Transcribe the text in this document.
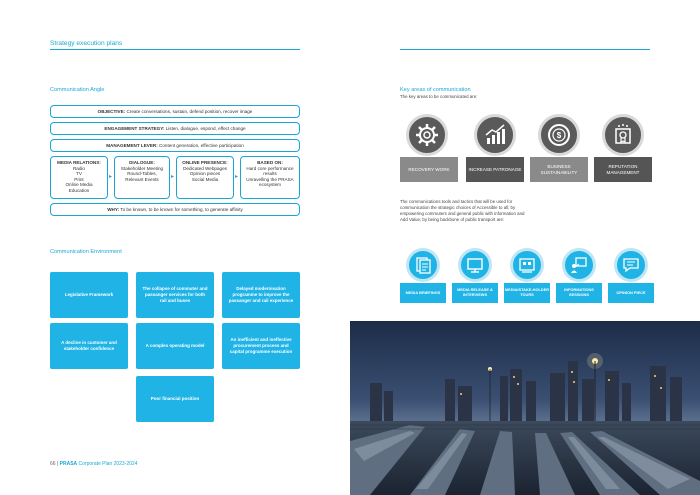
Strategy execution plans
Communication Angle
OBJECTIVE: Create conversations, sustain, defend position, recover image
ENGAGEMENT STRATEGY: Listen, dialogue, espond, effect change
MANAGEMENT LEVER: Content generation, effective participation
MEDIA RELATIONS:
Radio
TV
Print
Online Media
Education
▸
DIALOGUE:
Stakeholder Meeting
Round-Tables,
Relevant Events	▸
ONLINE PRESENCE:
Dedicated Webpages
Opinion pieces
Social Media	▸
BASED ON:
Hard core performance
results
Unravelling the PRASA
ecosystem
WHY: To be known, to be known for something, to generate affinity
Communication Environment
Legislative Framework
The collapse of commuter and passanger services for both rail and buses
Delayed modernisation programme to improve the passanger and rail experience
A decline in customer and stakeholder confidence
A complex operating model
An inefficient and ineffective procurement process and capital programme execution
Poor financial position
66 | PRASA Corporate Plan 2023-2024
Key areas of communication
The key areas to be communicated are:
RECOVERY WORK	INCREASE PATRONAGE
$
BUSINESS SUSTAINABILITY
REPUTATION MANAGEMENT
The communications tools and tactics that will be used for communication the strategic choices of Accessible to all; by empowering commuters and general public with information and Add Value; by being backbone of public transport are:
MEDIA BRIEFINGS	MEDIA RELEASE & INTERVIEWS
MEDIA/STAKE-HOLDER TOURS
INFORMATIONS SESSIONS	OPINION PIECE
